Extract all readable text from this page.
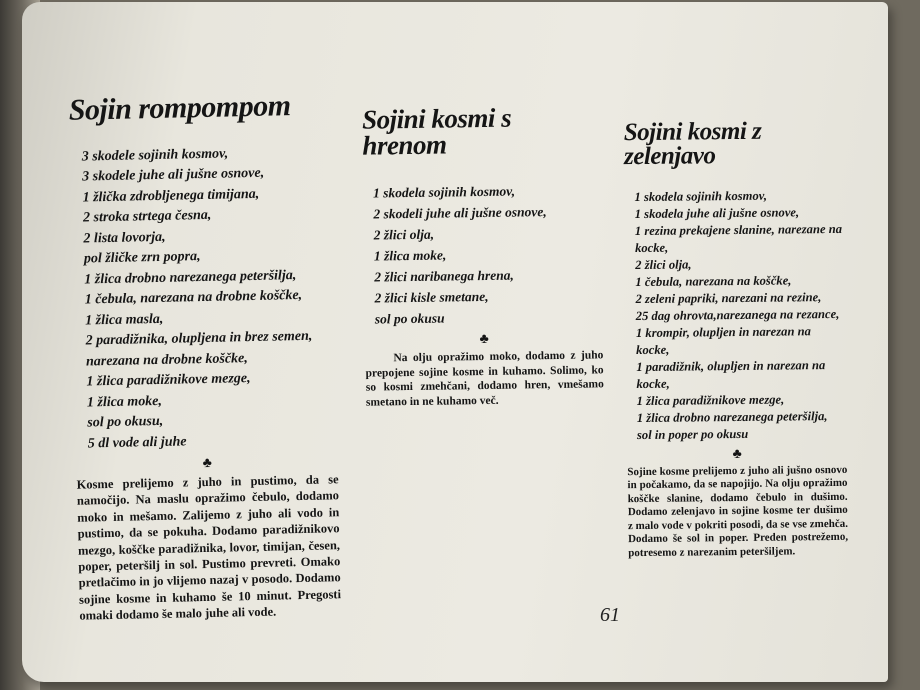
Sojin rompompom
3 skodele sojinih kosmov,
3 skodele juhe ali jušne osnove,
1 žlička zdrobljenega timijana,
2 stroka strtega česna,
2 lista lovorja,
pol žličke zrn popra,
1 žlica drobno narezanega peteršilja,
1 čebula, narezana na drobne koščke,
1 žlica masla,
2 paradižnika, olupljena in brez semen, narezana na drobne koščke,
1 žlica paradižnikove mezge,
1 žlica moke,
sol po okusu,
5 dl vode ali juhe
♣

Kosme prelijemo z juho in pustimo, da se namočijo. Na maslu opražimo čebulo, dodamo moko in mešamo. Zalijemo z juho ali vodo in pustimo, da se pokuha. Dodamo paradižnikovo mezgo, koščke paradižnika, lovor, timijan, česen, poper, peteršilj in sol. Pustimo prevreti. Omako pretlačimo in jo vlijemo nazaj v posodo. Dodamo sojine kosme in kuhamo še 10 minut. Pregosti omaki dodamo še malo juhe ali vode.

Sojini kosmi s hrenom
1 skodela sojinih kosmov,
2 skodeli juhe ali jušne osnove,
2 žlici olja,
1 žlica moke,
2 žlici naribanega hrena,
2 žlici kisle smetane,
sol po okusu
♣

Na olju opražimo moko, dodamo z juho prepojene sojine kosme in kuhamo. Solimo, ko so kosmi zmehčani, dodamo hren, vmešamo smetano in ne kuhamo več.

Sojini kosmi z zelenjavo
1 skodela sojinih kosmov,
1 skodela juhe ali jušne osnove,
1 rezina prekajene slanine, narezane na kocke,
2 žlici olja,
1 čebula, narezana na koščke,
2 zeleni papriki, narezani na rezine,
25 dag ohrovta,narezanega na rezance,
1 krompir, olupljen in narezan na kocke,
1 paradižnik, olupljen in narezan na kocke,
1 žlica paradižnikove mezge,
1 žlica drobno narezanega peteršilja,
sol in poper po okusu
♣

Sojine kosme prelijemo z juho ali jušno osnovo in počakamo, da se napojijo. Na olju opražimo koščke slanine, dodamo čebulo in dušimo. Dodamo zelenjavo in sojine kosme ter dušimo z malo vode v pokriti posodi, da se vse zmehča. Dodamo še sol in poper. Preden postrežemo, potresemo z narezanim peteršiljem.

61
